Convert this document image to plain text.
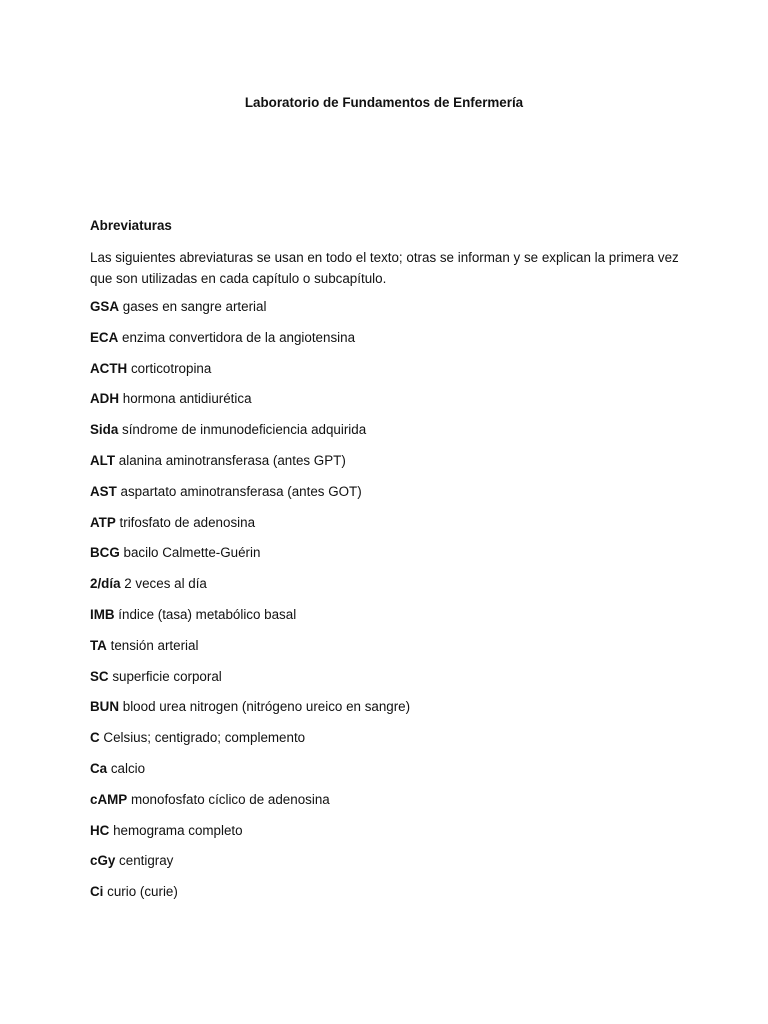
Laboratorio de Fundamentos de Enfermería
Abreviaturas

Las siguientes abreviaturas se usan en todo el texto; otras se informan y se explican la primera vez que son utilizadas en cada capítulo o subcapítulo.

GSA gases en sangre arterial
ECA enzima convertidora de la angiotensina
ACTH corticotropina
ADH hormona antidiurética
Sida síndrome de inmunodeficiencia adquirida
ALT alanina aminotransferasa (antes GPT)
AST aspartato aminotransferasa (antes GOT)
ATP trifosfato de adenosina
BCG bacilo Calmette-Guérin
2/día 2 veces al día
IMB índice (tasa) metabólico basal
TA tensión arterial
SC superficie corporal
BUN blood urea nitrogen (nitrógeno ureico en sangre)
C Celsius; centigrado; complemento
Ca calcio
cAMP monofosfato cíclico de adenosina
HC hemograma completo
cGy centigray
Ci curio (curie)
